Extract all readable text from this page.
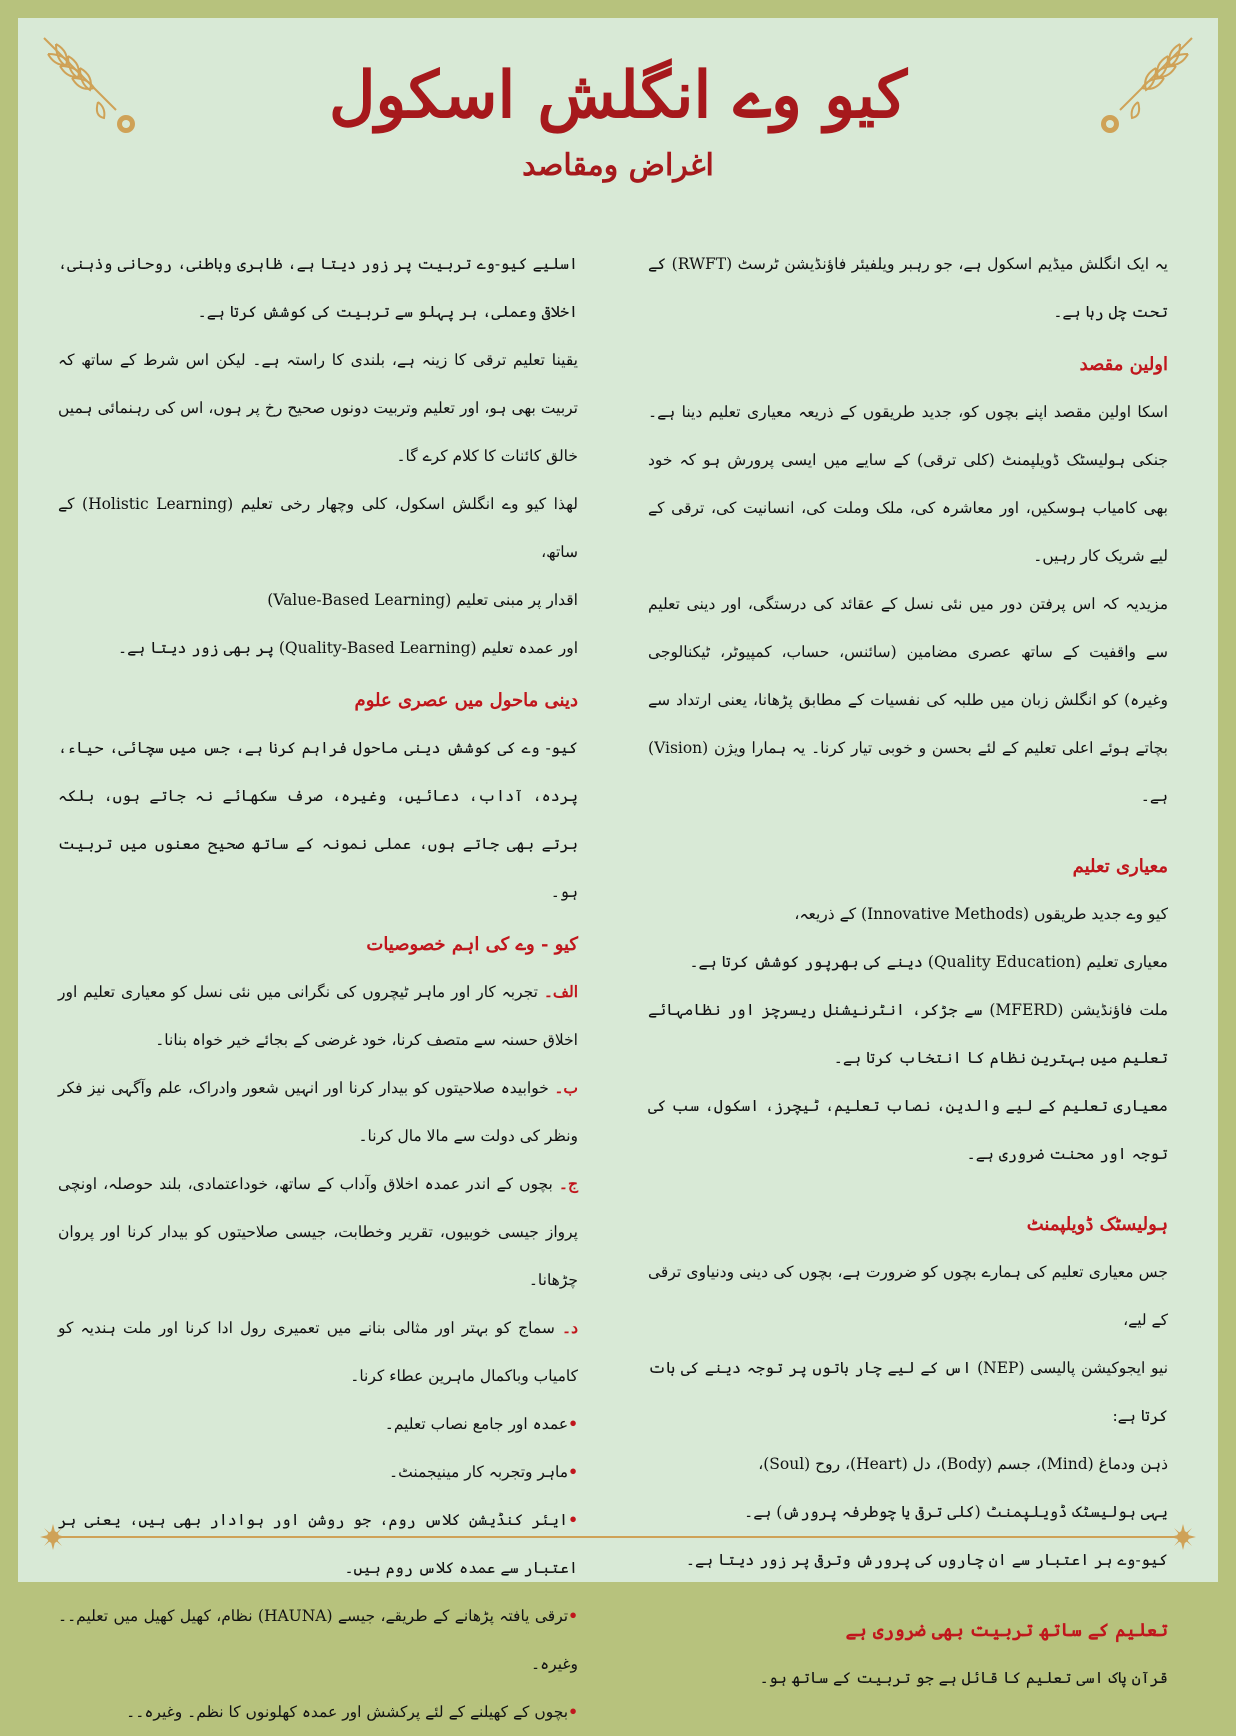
کیو وے انگلش اسکول
اغراض ومقاصد

یہ ایک انگلش میڈیم اسکول ہے، جو رہبر ویلفیئر فاؤنڈیشن ٹرسٹ (RWFT) کے تحت چل رہا ہے۔

اولین مقصد

اسکا اولین مقصد اپنے بچوں کو، جدید طریقوں کے ذریعہ معیاری تعلیم دینا ہے۔ جنکی ہولیسٹک ڈویلپمنٹ (کلی ترقی) کے سایے میں ایسی پرورش ہو کہ خود بھی کامیاب ہوسکیں، اور معاشرہ کی، ملک وملت کی، انسانیت کی، ترقی کے لیے شریک کار رہیں۔

مزیدیہ کہ اس پرفتن دور میں نئی نسل کے عقائد کی درستگی، اور دینی تعلیم سے واقفیت کے ساتھ عصری مضامین (سائنس، حساب، کمپیوٹر، ٹیکنالوجی وغیرہ) کو انگلش زبان میں طلبہ کی نفسیات کے مطابق پڑھانا، یعنی ارتداد سے بچاتے ہوئے اعلی تعلیم کے لئے بحسن و خوبی تیار کرنا۔ یہ ہمارا ویژن (Vision) ہے۔

معیاری تعلیم

کیو وے جدید طریقوں (Innovative Methods) کے ذریعہ،

معیاری تعلیم (Quality Education) دینے کی بھرپور کوشش کرتا ہے۔

ملت فاؤنڈیشن (MFERD) سے جڑکر، انٹرنیشنل ریسرچز اور نظامہائے تعلیم میں بہترین نظام کا انتخاب کرتا ہے۔

معیاری تعلیم کے لیے والدین، نصاب تعلیم، ٹیچرز، اسکول، سب کی توجہ اور محنت ضروری ہے۔

ہولیسٹک ڈویلپمنٹ

جس معیاری تعلیم کی ہمارے بچوں کو ضرورت ہے، بچوں کی دینی ودنیاوی ترقی کے لیے،

نیو ایجوکیشن پالیسی (NEP) اس کے لیے چار باتوں پر توجہ دینے کی بات کرتا ہے:

ذہن ودماغ (Mind)، جسم (Body)، دل (Heart)، روح (Soul)،

یہی ہولیسٹک ڈویلپمنٹ (کلی ترقی یا چوطرفہ پرورش) ہے۔

کیو-وے ہر اعتبار سے ان چاروں کی پرورش وترقی پر زور دیتا ہے۔

تعلیم کے ساتھ تربیت بھی ضروری ہے

قرآن پاک اسی تعلیم کا قائل ہے جو تربیت کے ساتھ ہو۔

اسلیے کیو-وے تربیت پر زور دیتا ہے، ظاہری وباطنی، روحانی وذہنی، اخلاقی وعملی، ہر پہلو سے تربیت کی کوشش کرتا ہے۔

یقینا تعلیم ترقی کا زینہ ہے، بلندی کا راستہ ہے۔ لیکن اس شرط کے ساتھ کہ تربیت بھی ہو، اور تعلیم وتربیت دونوں صحیح رخ پر ہوں، اس کی رہنمائی ہمیں خالق کائنات کا کلام کرے گا۔

لھذا کیو وے انگلش اسکول، کلی وچھار رخی تعلیم (Holistic Learning) کے ساتھ،

اقدار پر مبنی تعلیم (Value-Based Learning)

اور عمدہ تعلیم (Quality-Based Learning) پر بھی زور دیتا ہے۔

دینی ماحول میں عصری علوم

کیو- وے کی کوشش دینی ماحول فراہم کرنا ہے، جس میں سچائی، حیاء، پردہ، آداب، دعائیں، وغیرہ، صرف سکھائے نہ جاتے ہوں، بلکہ برتے بھی جاتے ہوں، عملی نمونہ کے ساتھ صحیح معنوں میں تربیت ہو۔

کیو - وے کی اہم خصوصیات

الف۔ تجربہ کار اور ماہر ٹیچروں کی نگرانی میں نئی نسل کو معیاری تعلیم اور اخلاق حسنہ سے متصف کرنا، خود غرضی کے بجائے خیر خواہ بنانا۔

ب۔ خوابیدہ صلاحیتوں کو بیدار کرنا اور انہیں شعور وادراک، علم وآگہی نیز فکر ونظر کی دولت سے مالا مال کرنا۔

ج۔ بچوں کے اندر عمدہ اخلاق وآداب کے ساتھ، خوداعتمادی، بلند حوصلہ، اونچی پرواز جیسی خوبیوں، تقریر وخطابت، جیسی صلاحیتوں کو بیدار کرنا اور پروان چڑھانا۔

د۔ سماج کو بہتر اور مثالی بنانے میں تعمیری رول ادا کرنا اور ملت ہندیہ کو کامیاب وباکمال ماہرین عطاء کرنا۔

•عمدہ اور جامع نصاب تعلیم۔

•ماہر وتجربہ کار مینیجمنٹ۔

•ایئر کنڈیشن کلاس روم، جو روشن اور ہوادار بھی ہیں، یعنی ہر اعتبار سے عمدہ کلاس روم ہیں۔

•ترقی یافتہ پڑھانے کے طریقے، جیسے (HAUNA) نظام، کھیل کھیل میں تعلیم۔۔ وغیرہ۔

•بچوں کے کھیلنے کے لئے پرکشش اور عمدہ کھلونوں کا نظم۔ وغیرہ۔۔
